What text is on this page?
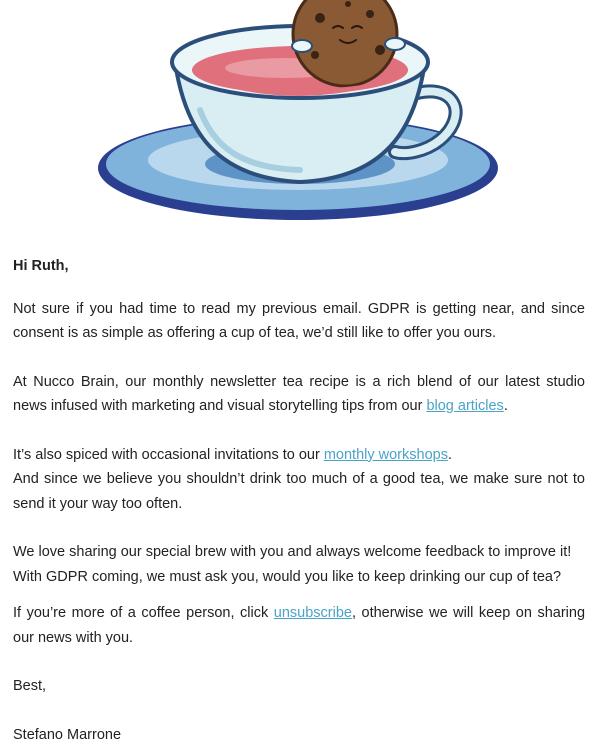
Hi Ruth,

Not sure if you had time to read my previous email. GDPR is getting near, and since consent is as simple as offering a cup of tea, we’d still like to offer you ours.

At Nucco Brain, our monthly newsletter tea recipe is a rich blend of our latest studio news infused with marketing and visual storytelling tips from our blog articles.

It’s also spiced with occasional invitations to our monthly workshops.

And since we believe you shouldn’t drink too much of a good tea, we make sure not to send it your way too often.

We love sharing our special brew with you and always welcome feedback to improve it!

With GDPR coming, we must ask you, would you like to keep drinking our cup of tea?

If you’re more of a coffee person, click unsubscribe, otherwise we will keep on sharing our news with you.

Best,

Stefano Marrone
